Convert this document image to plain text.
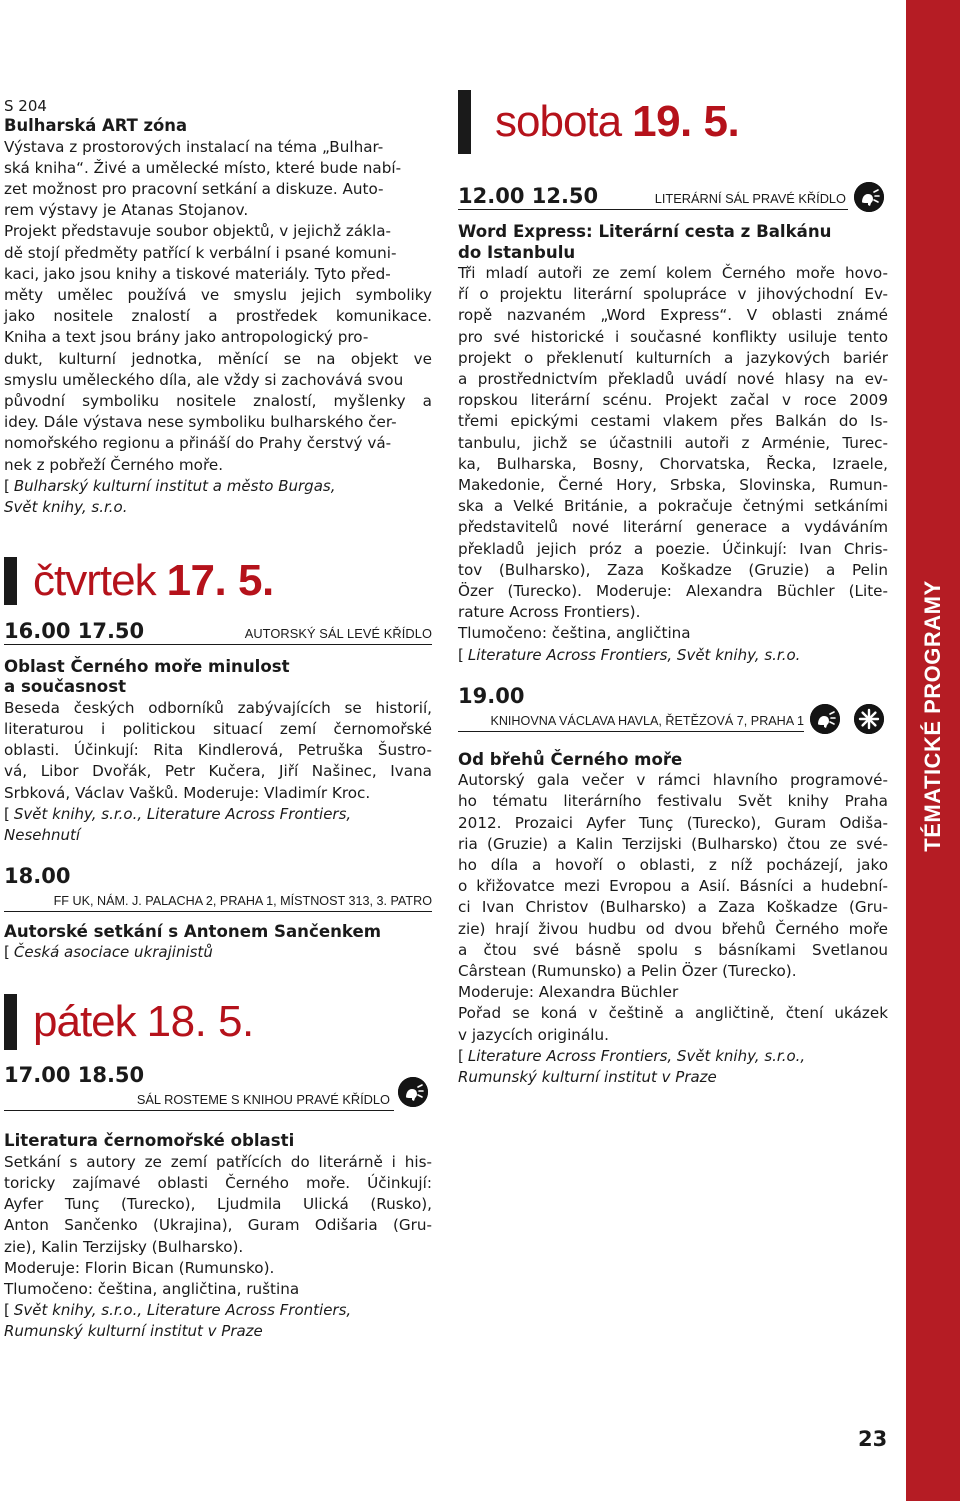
TÉMATICKÉ PROGRAMY
S 204
Bulharská ART zóna
Výstava z prostorových instalací na téma „Bulhar-
ská kniha“. Živé a umělecké místo, které bude nabí-
zet možnost pro pracovní setkání a diskuze. Auto-
rem výstavy je Atanas Stojanov.
Projekt představuje soubor objektů, v jejichž zákla-
dě stojí předměty patřící k verbální i psané komuni-
kaci, jako jsou knihy a tiskové materiály. Tyto před-
měty umělec používá ve smyslu jejich symboliky
jako nositele znalostí a prostředek komunikace.
Kniha a text jsou brány jako antropologický pro-
dukt, kulturní jednotka, měnící se na objekt ve
smyslu uměleckého díla, ale vždy si zachovává svou
původní symboliku nositele znalostí, myšlenky a
idey. Dále výstava nese symboliku bulharského čer-
nomořského regionu a přináší do Prahy čerstvý vá-
nek z pobřeží Černého moře.
[ Bulharský kulturní institut a město Burgas,
Svět knihy, s.r.o.
čtvrtek 17. 5.
16.00 17.50	AUTORSKÝ SÁL LEVÉ KŘÍDLO
Oblast Černého moře minulost
a současnost
Beseda českých odborníků zabývajících se historií,
literaturou i politickou situací zemí černomořské
oblasti. Účinkují: Rita Kindlerová, Petruška Šustro-
vá, Libor Dvořák, Petr Kučera, Jiří Našinec, Ivana
Srbková, Václav Vašků. Moderuje: Vladimír Kroc.
[ Svět knihy, s.r.o., Literature Across Frontiers,
Nesehnutí
18.00
FF UK, NÁM. J. PALACHA 2, PRAHA 1, MÍSTNOST 313, 3. PATRO
Autorské setkání s Antonem Sančenkem
[ Česká asociace ukrajinistů
pátek 18. 5.
17.00 18.50
SÁL ROSTEME S KNIHOU PRAVÉ KŘÍDLO
Literatura černomořské oblasti
Setkání s autory ze zemí patřících do literárně i his-
toricky zajímavé oblasti Černého moře. Účinkují:
Ayfer Tunç (Turecko), Ljudmila Ulická (Rusko),
Anton Sančenko (Ukrajina), Guram Odišaria (Gru-
zie), Kalin Terzijsky (Bulharsko).
Moderuje: Florin Bican (Rumunsko).
Tlumočeno: čeština, angličtina, ruština
[ Svět knihy, s.r.o., Literature Across Frontiers,
Rumunský kulturní institut v Praze
sobota 19. 5.
12.00 12.50	LITERÁRNÍ SÁL PRAVÉ KŘÍDLO
Word Express: Literární cesta z Balkánu
do Istanbulu
Tři mladí autoři ze zemí kolem Černého moře hovo-
ří o projektu literární spolupráce v jihovýchodní Ev-
ropě nazvaném „Word Express“. V oblasti známé
pro své historické i současné konflikty usiluje tento
projekt o překlenutí kulturních a jazykových bariér
a prostřednictvím překladů uvádí nové hlasy na ev-
ropskou literární scénu. Projekt začal v roce 2009
třemi epickými cestami vlakem přes Balkán do Is-
tanbulu, jichž se účastnili autoři z Arménie, Turec-
ka, Bulharska, Bosny, Chorvatska, Řecka, Izraele,
Makedonie, Černé Hory, Srbska, Slovinska, Rumun-
ska a Velké Británie, a pokračuje četnými setkáními
představitelů nové literární generace a vydáváním
překladů jejich próz a poezie. Účinkují: Ivan Chris-
tov (Bulharsko), Zaza Koškadze (Gruzie) a Pelin
Özer (Turecko). Moderuje: Alexandra Büchler (Lite-
rature Across Frontiers).
Tlumočeno: čeština, angličtina
[ Literature Across Frontiers, Svět knihy, s.r.o.
19.00
KNIHOVNA VÁCLAVA HAVLA, ŘETĚZOVÁ 7, PRAHA 1
Od břehů Černého moře
Autorský gala večer v rámci hlavního programové-
ho tématu literárního festivalu Svět knihy Praha
2012. Prozaici Ayfer Tunç (Turecko), Guram Odiša-
ria (Gruzie) a Kalin Terzijski (Bulharsko) čtou ze své-
ho díla a hovoří o oblasti, z níž pocházejí, jako
o křižovatce mezi Evropou a Asií. Básníci a hudební-
ci Ivan Christov (Bulharsko) a Zaza Koškadze (Gru-
zie) hrají živou hudbu od dvou břehů Černého moře
a čtou své básně spolu s básníkami Svetlanou
Cârstean (Rumunsko) a Pelin Özer (Turecko).
Moderuje: Alexandra Büchler
Pořad se koná v češtině a angličtině, čtení ukázek
v jazycích originálu.
[ Literature Across Frontiers, Svět knihy, s.r.o.,
Rumunský kulturní institut v Praze
23
